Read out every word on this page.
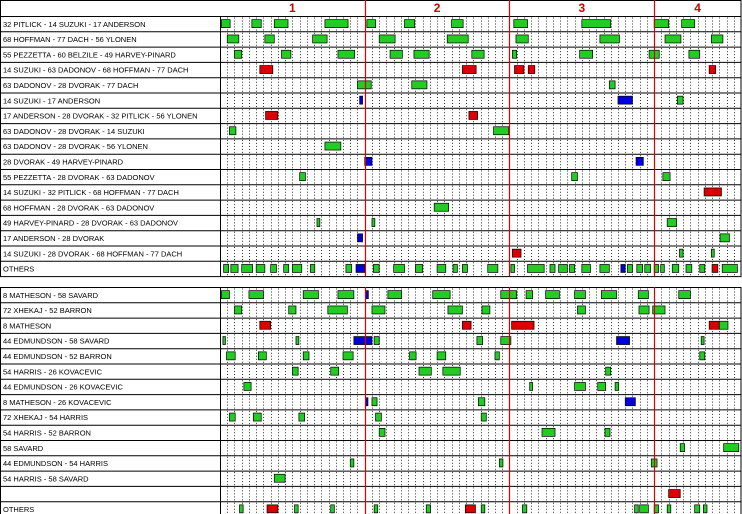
1	2	3	4
32 PITLICK - 14 SUZUKI - 17 ANDERSON
68 HOFFMAN - 77 DACH - 56 YLONEN
55 PEZZETTA - 60 BELZILE - 49 HARVEY-PINARD
14 SUZUKI - 63 DADONOV - 68 HOFFMAN - 77 DACH
63 DADONOV - 28 DVORAK - 77 DACH
14 SUZUKI - 17 ANDERSON
17 ANDERSON - 28 DVORAK - 32 PITLICK - 56 YLONEN
63 DADONOV - 28 DVORAK - 14 SUZUKI
63 DADONOV - 28 DVORAK - 56 YLONEN
28 DVORAK - 49 HARVEY-PINARD
55 PEZZETTA - 28 DVORAK - 63 DADONOV
14 SUZUKI - 32 PITLICK - 68 HOFFMAN - 77 DACH
68 HOFFMAN - 28 DVORAK - 63 DADONOV
49 HARVEY-PINARD - 28 DVORAK - 63 DADONOV
17 ANDERSON - 28 DVORAK
14 SUZUKI - 28 DVORAK - 68 HOFFMAN - 77 DACH
OTHERS
8 MATHESON - 58 SAVARD
72 XHEKAJ - 52 BARRON
8 MATHESON
44 EDMUNDSON - 58 SAVARD
44 EDMUNDSON - 52 BARRON
54 HARRIS - 26 KOVACEVIC
44 EDMUNDSON - 26 KOVACEVIC
8 MATHESON - 26 KOVACEVIC
72 XHEKAJ - 54 HARRIS
54 HARRIS - 52 BARRON
58 SAVARD
44 EDMUNDSON - 54 HARRIS
54 HARRIS - 58 SAVARD
OTHERS
